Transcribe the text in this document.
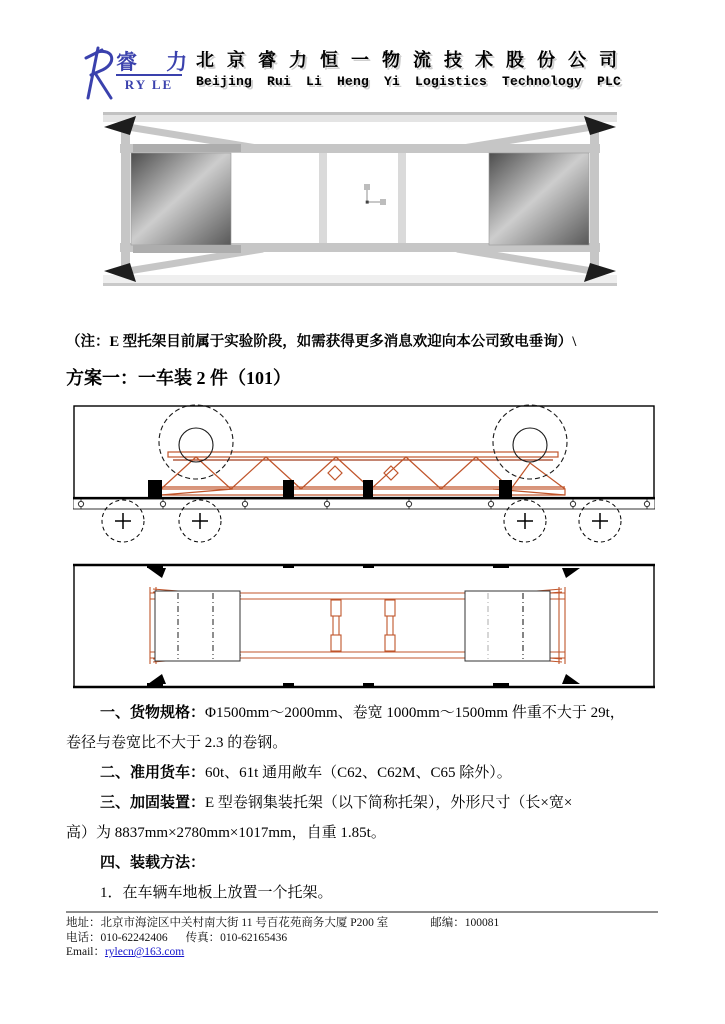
睿 力
RY LE
北京睿力恒一物流技术股份公司
Beijing Rui Li Heng Yi Logistics Technology PLC
（注：E 型托架目前属于实验阶段，如需获得更多消息欢迎向本公司致电垂询）\
方案一：一车装 2 件（101）

一、货物规格：Φ1500mm～2000mm、卷宽 1000mm～1500mm 件重不大于 29t，

卷径与卷宽比不大于 2.3 的卷钢。

二、准用货车：60t、61t 通用敞车（C62、C62M、C65 除外）。

三、加固装置：E 型卷钢集装托架（以下简称托架），外形尺寸（长×宽×

高）为 8837mm×2780mm×1017mm，自重 1.85t。

四、装载方法：

1．在车辆车地板上放置一个托架。

地址：北京市海淀区中关村南大街 11 号百花苑商务大厦 P200 室	邮编：100081
电话：010-62242406 传真：010-62165436
Email：rylecn@163.com
